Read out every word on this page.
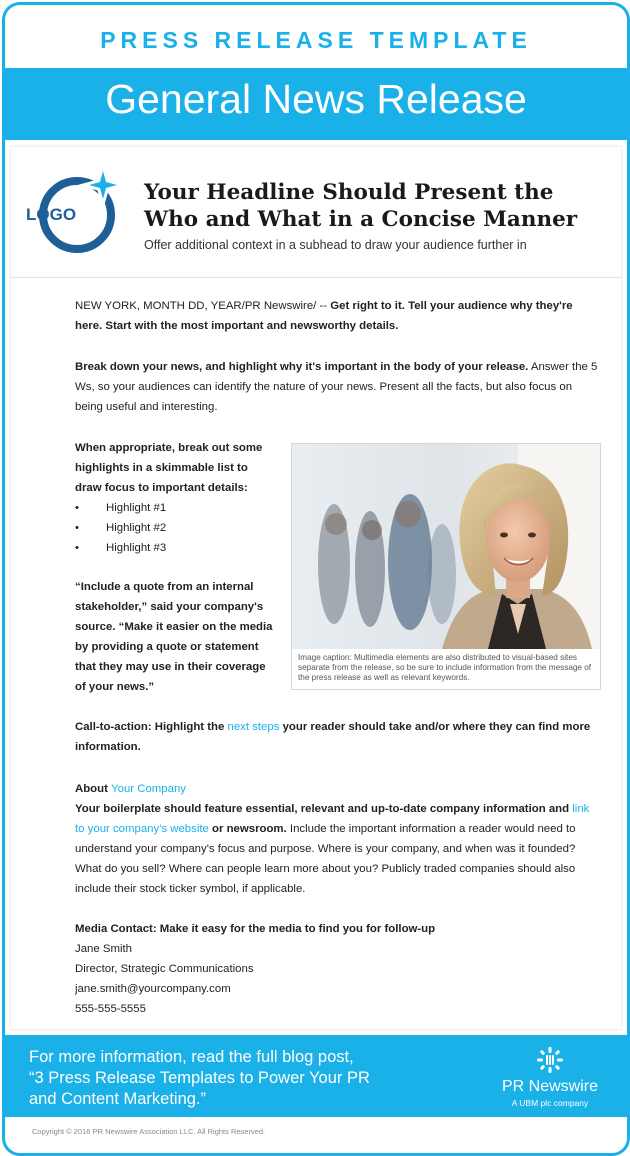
PRESS RELEASE TEMPLATE
General News Release
LOGO
Your Headline Should Present the
Who and What in a Concise Manner
Offer additional context in a subhead to draw your audience further in

NEW YORK, MONTH DD, YEAR/PR Newswire/ -- Get right to it. Tell your audience why they're here. Start with the most important and newsworthy details.

Break down your news, and highlight why it's important in the body of your release. Answer the 5 Ws, so your audiences can identify the nature of your news. Present all the facts, but also focus on being useful and interesting.

When appropriate, break out some highlights in a skimmable list to draw focus to important details:
• Highlight #1
• Highlight #2
• Highlight #3

“Include a quote from an internal stakeholder,” said your company's source. “Make it easier on the media by providing a quote or statement that they may use in their coverage of your news.”

Image caption: Multimedia elements are also distributed to visual-based sites separate from the release, so be sure to include information from the message of the press release as well as relevant keywords.

Call-to-action: Highlight the next steps your reader should take and/or where they can find more information.

About Your Company

Your boilerplate should feature essential, relevant and up-to-date company information and link to your company's website or newsroom. Include the important information a reader would need to understand your company's focus and purpose. Where is your company, and when was it founded? What do you sell? Where can people learn more about you? Publicly traded companies should also include their stock ticker symbol, if applicable.

Media Contact: Make it easy for the media to find you for follow-up
Jane Smith
Director, Strategic Communications
jane.smith@yourcompany.com
555-555-5555

For more information, read the full blog post,
“3 Press Release Templates to Power Your PR
and Content Marketing.”

PR Newswire
A UBM plc company
Copyright © 2016 PR Newswire Association LLC. All Rights Reserved.
